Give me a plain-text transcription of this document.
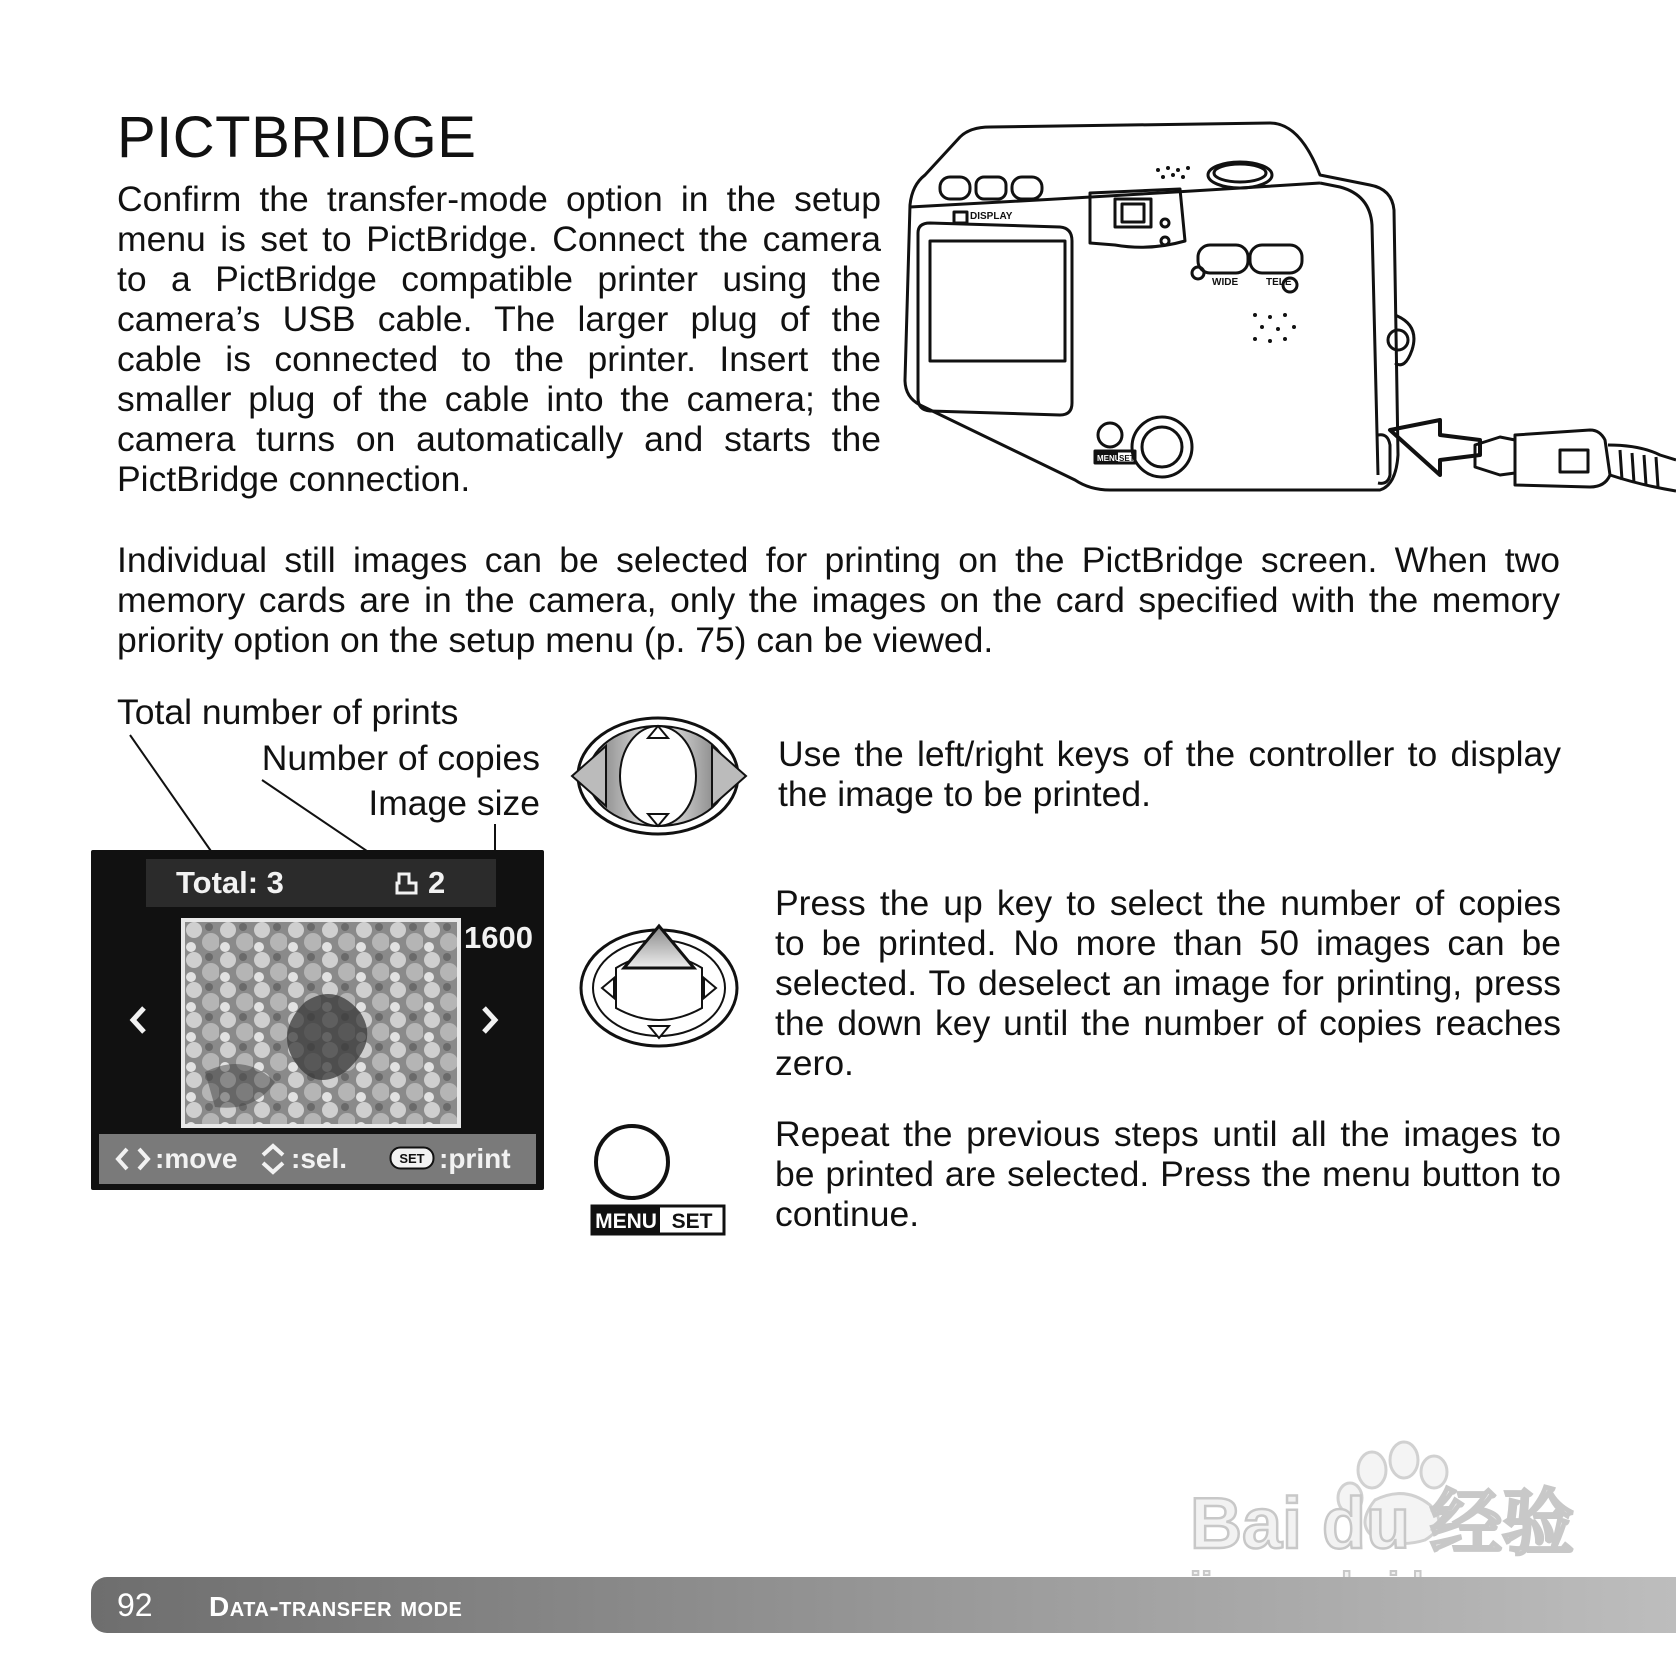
PICTBRIDGE
Confirm the transfer-mode option in the setup menu is set to PictBridge. Connect the camera to a PictBridge compatible printer using the camera’s USB cable. The larger plug of the cable is connected to the printer. Insert the smaller plug of the cable into the camera; the camera turns on automatically and starts the PictBridge connection.
DISPLAY
WIDE	TELE
MENU
SET
Individual still images can be selected for printing on the PictBridge screen. When two memory cards are in the camera, only the images on the card specified with the memory priority option on the setup menu (p. 75) can be viewed.
Total number of prints
Number of copies
Image size
Total: 3	2
1600
:move :sel.	SET :print
MENU SET
Use the left/right keys of the controller to display the image to be printed.
Press the up key to select the number of copies to be printed. No more than 50 images can be selected. To deselect an image for printing, press the down key until the number of copies reaches zero.
Repeat the previous steps until all the images to be printed are selected. Press the menu button to continue.
Bai du 经验
92 Data-transfer mode
